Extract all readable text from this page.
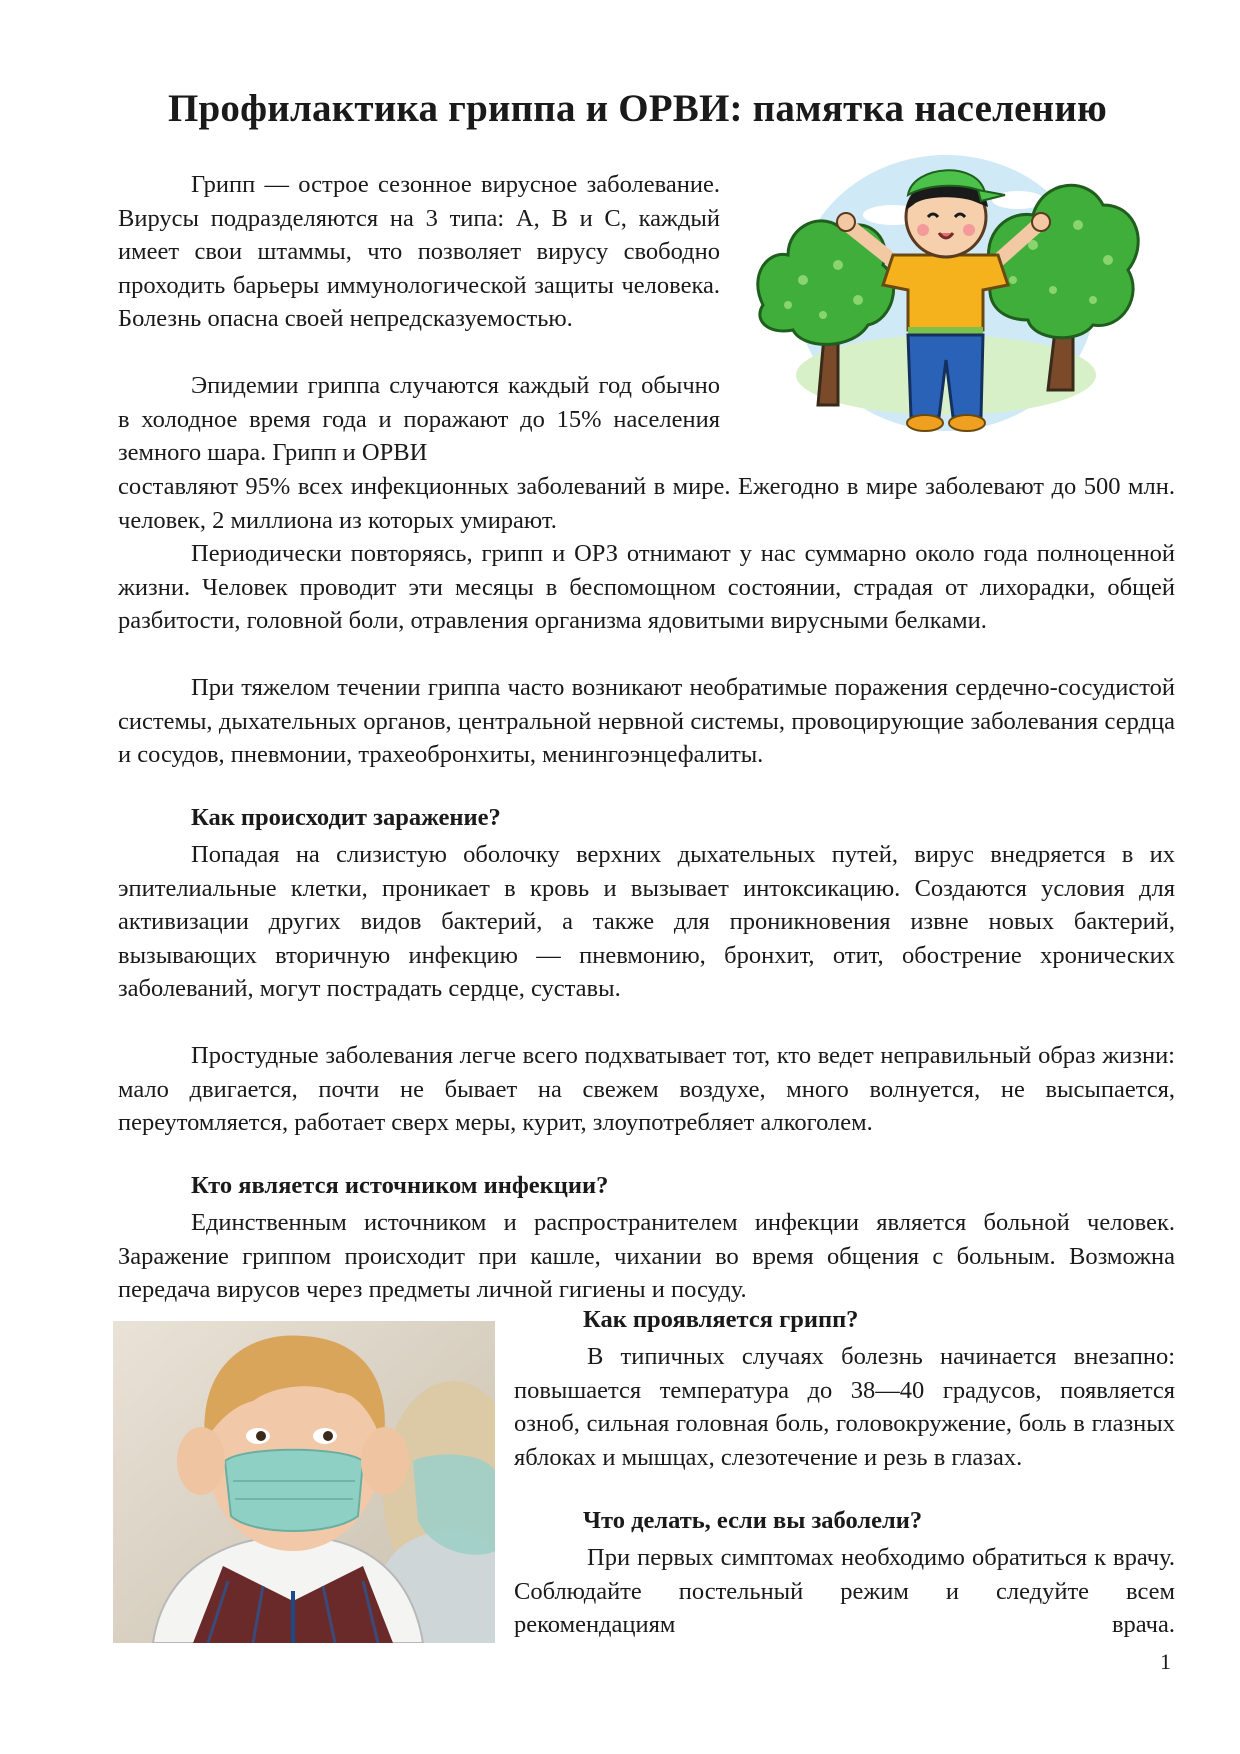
Профилактика гриппа и ОРВИ: памятка населению

Грипп — острое сезонное вирусное заболевание. Вирусы подразделяются на 3 типа: А, В и С, каждый имеет свои штаммы, что позволяет вирусу свободно проходить барьеры иммунологической защиты человека. Болезнь опасна своей непредсказуемостью.

Эпидемии гриппа случаются каждый год обычно в холодное время года и поражают до 15% населения земного шара. Грипп и ОРВИ

составляют 95% всех инфекционных заболеваний в мире. Ежегодно в мире заболевают до 500 млн. человек, 2 миллиона из которых умирают.

Периодически повторяясь, грипп и ОРЗ отнимают у нас суммарно около года полноценной жизни. Человек проводит эти месяцы в беспомощном состоянии, страдая от лихорадки, общей разбитости, головной боли, отравления организма ядовитыми вирусными белками.

При тяжелом течении гриппа часто возникают необратимые поражения сердечно-сосудистой системы, дыхательных органов, центральной нервной системы, провоцирующие заболевания сердца и сосудов, пневмонии, трахеобронхиты, менингоэнцефалиты.

Как происходит заражение?

Попадая на слизистую оболочку верхних дыхательных путей, вирус внедряется в их эпителиальные клетки, проникает в кровь и вызывает интоксикацию. Создаются условия для активизации других видов бактерий, а также для проникновения извне новых бактерий, вызывающих вторичную инфекцию — пневмонию, бронхит, отит, обострение хронических заболеваний, могут пострадать сердце, суставы.

Простудные заболевания легче всего подхватывает тот, кто ведет неправильный образ жизни: мало двигается, почти не бывает на свежем воздухе, много волнуется, не высыпается, переутомляется, работает сверх меры, курит, злоупотребляет алкоголем.

Кто является источником инфекции?

Единственным источником и распространителем инфекции является больной человек. Заражение гриппом происходит при кашле, чихании во время общения с больным. Возможна передача вирусов через предметы личной гигиены и посуду.

Как проявляется грипп?

В типичных случаях болезнь начинается внезапно: повышается температура до 38—40 градусов, появляется озноб, сильная головная боль, головокружение, боль в глазных яблоках и мышцах, слезотечение и резь в глазах.

Что делать, если вы заболели?

При первых симптомах необходимо обратиться к врачу. Соблюдайте постельный режим и следуйте всем рекомендациям врача.

1
